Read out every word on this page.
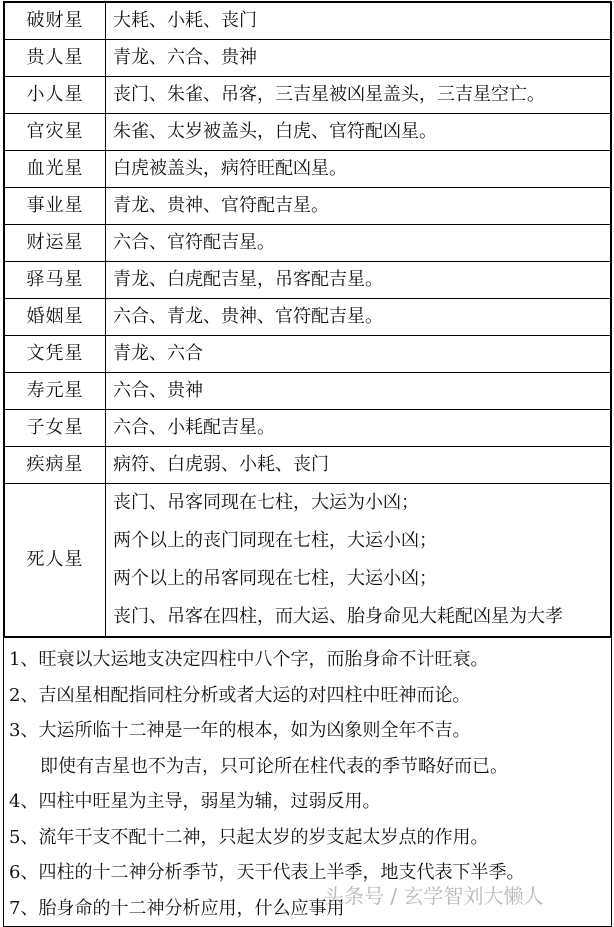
破财星	大耗、小耗、丧门
贵人星	青龙、六合、贵神
小人星	丧门、朱雀、吊客，三吉星被凶星盖头，三吉星空亡。
官灾星	朱雀、太岁被盖头，白虎、官符配凶星。
血光星	白虎被盖头，病符旺配凶星。
事业星	青龙、贵神、官符配吉星。
财运星	六合、官符配吉星。
驿马星	青龙、白虎配吉星，吊客配吉星。
婚姻星	六合、青龙、贵神、官符配吉星。
文凭星	青龙、六合
寿元星	六合、贵神
子女星	六合、小耗配吉星。
疾病星	病符、白虎弱、小耗、丧门
死人星	丧门、吊客同现在七柱，大运为小凶；
两个以上的丧门同现在七柱，大运小凶；
两个以上的吊客同现在七柱，大运小凶；
丧门、吊客在四柱，而大运、胎身命见大耗配凶星为大孝
1、旺衰以大运地支决定四柱中八个字，而胎身命不计旺衰。
2、吉凶星相配指同柱分析或者大运的对四柱中旺神而论。
3、大运所临十二神是一年的根本，如为凶象则全年不吉。
即使有吉星也不为吉，只可论所在柱代表的季节略好而已。
4、四柱中旺星为主导，弱星为辅，过弱反用。
5、流年干支不配十二神，只起太岁的岁支起太岁点的作用。
6、四柱的十二神分析季节，天干代表上半季，地支代表下半季。
7、胎身命的十二神分析应用，什么应事用
头条号 / 玄学智刘大懒人
